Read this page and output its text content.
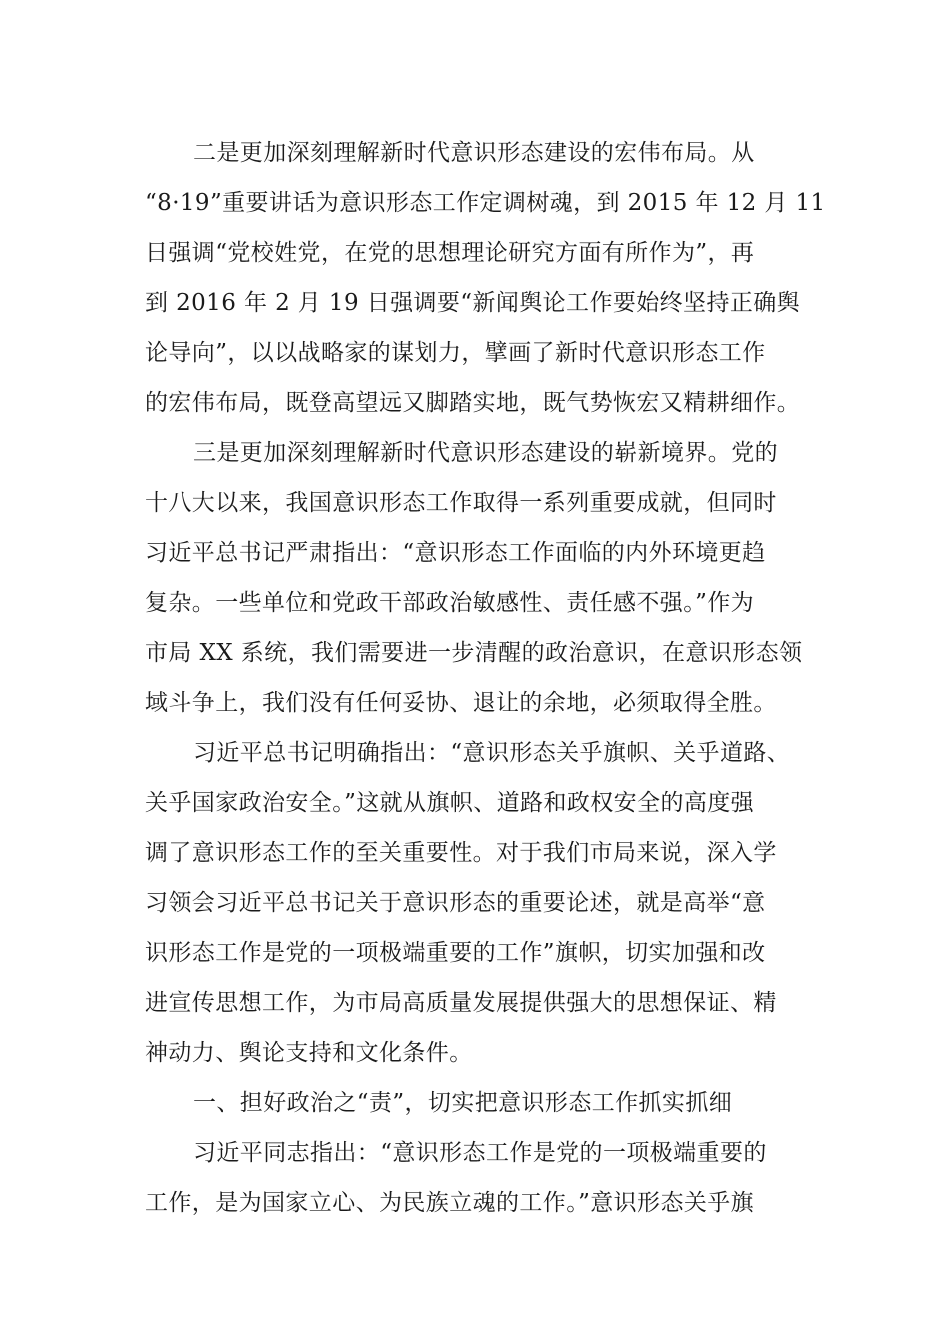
二是更加深刻理解新时代意识形态建设的宏伟布局。从
“8·19”重要讲话为意识形态工作定调树魂，到 2015 年 12 月 11
日强调“党校姓党，在党的思想理论研究方面有所作为”，再
到 2016 年 2 月 19 日强调要“新闻舆论工作要始终坚持正确舆
论导向”，以以战略家的谋划力，擘画了新时代意识形态工作
的宏伟布局，既登高望远又脚踏实地，既气势恢宏又精耕细作。
三是更加深刻理解新时代意识形态建设的崭新境界。党的
十八大以来，我国意识形态工作取得一系列重要成就，但同时
习近平总书记严肃指出：“意识形态工作面临的内外环境更趋
复杂。一些单位和党政干部政治敏感性、责任感不强。”作为
市局 XX 系统，我们需要进一步清醒的政治意识，在意识形态领
域斗争上，我们没有任何妥协、退让的余地，必须取得全胜。
习近平总书记明确指出：“意识形态关乎旗帜、关乎道路、
关乎国家政治安全。”这就从旗帜、道路和政权安全的高度强
调了意识形态工作的至关重要性。对于我们市局来说，深入学
习领会习近平总书记关于意识形态的重要论述，就是高举“意
识形态工作是党的一项极端重要的工作”旗帜，切实加强和改
进宣传思想工作，为市局高质量发展提供强大的思想保证、精
神动力、舆论支持和文化条件。
一、担好政治之“责”，切实把意识形态工作抓实抓细
习近平同志指出：“意识形态工作是党的一项极端重要的
工作，是为国家立心、为民族立魂的工作。”意识形态关乎旗
